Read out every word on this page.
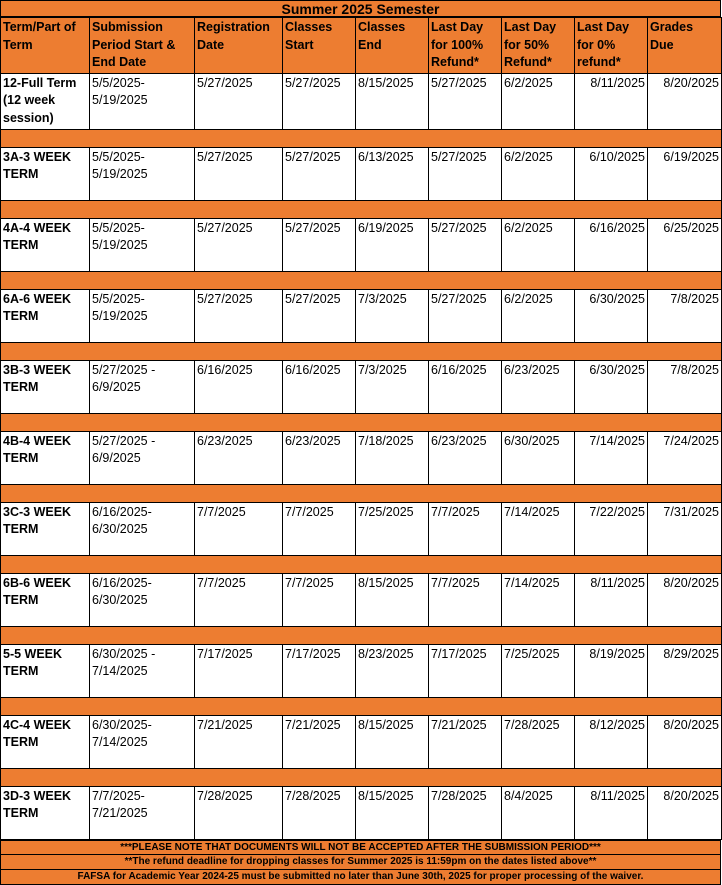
Summer 2025 Semester
Term/Part of Term	Submission Period Start & End Date	Registration Date	Classes Start	Classes End	Last Day for 100% Refund*	Last Day for 50% Refund*	Last Day for 0% refund*	Grades Due
12-Full Term (12 week session)	5/5/2025-5/19/2025	5/27/2025	5/27/2025	8/15/2025	5/27/2025	6/2/2025	8/11/2025	8/20/2025

3A-3 WEEK TERM	5/5/2025-5/19/2025	5/27/2025	5/27/2025	6/13/2025	5/27/2025	6/2/2025	6/10/2025	6/19/2025

4A-4 WEEK TERM	5/5/2025-5/19/2025	5/27/2025	5/27/2025	6/19/2025	5/27/2025	6/2/2025	6/16/2025	6/25/2025

6A-6 WEEK TERM	5/5/2025-5/19/2025	5/27/2025	5/27/2025	7/3/2025	5/27/2025	6/2/2025	6/30/2025	7/8/2025

3B-3 WEEK TERM	5/27/2025 - 6/9/2025	6/16/2025	6/16/2025	7/3/2025	6/16/2025	6/23/2025	6/30/2025	7/8/2025

4B-4 WEEK TERM	5/27/2025 - 6/9/2025	6/23/2025	6/23/2025	7/18/2025	6/23/2025	6/30/2025	7/14/2025	7/24/2025

3C-3 WEEK TERM	6/16/2025-6/30/2025	7/7/2025	7/7/2025	7/25/2025	7/7/2025	7/14/2025	7/22/2025	7/31/2025

6B-6 WEEK TERM	6/16/2025-6/30/2025	7/7/2025	7/7/2025	8/15/2025	7/7/2025	7/14/2025	8/11/2025	8/20/2025

5-5 WEEK TERM	6/30/2025 - 7/14/2025	7/17/2025	7/17/2025	8/23/2025	7/17/2025	7/25/2025	8/19/2025	8/29/2025

4C-4 WEEK TERM	6/30/2025-7/14/2025	7/21/2025	7/21/2025	8/15/2025	7/21/2025	7/28/2025	8/12/2025	8/20/2025

3D-3 WEEK TERM	7/7/2025-7/21/2025	7/28/2025	7/28/2025	8/15/2025	7/28/2025	8/4/2025	8/11/2025	8/20/2025
***PLEASE NOTE THAT DOCUMENTS WILL NOT BE ACCEPTED AFTER THE SUBMISSION PERIOD***
**The refund deadline for dropping classes for Summer 2025 is 11:59pm on the dates listed above**
FAFSA for Academic Year 2024-25 must be submitted no later than June 30th, 2025 for proper processing of the waiver.
